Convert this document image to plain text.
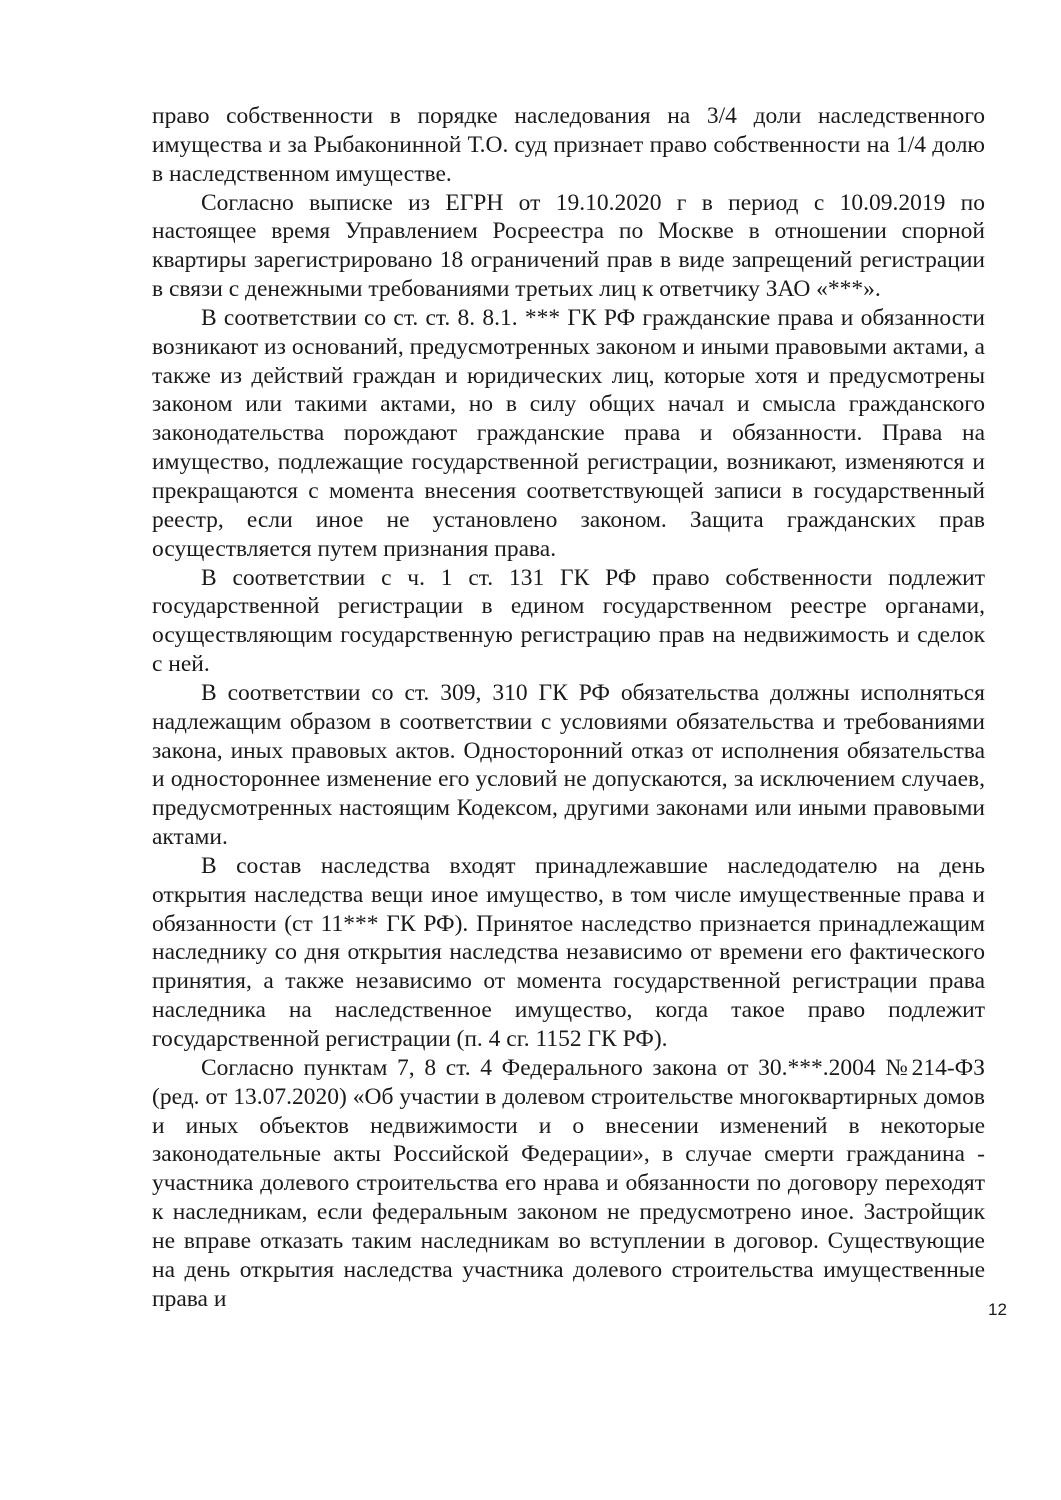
право собственности в порядке наследования на 3/4 доли наследственного имущества и за Рыбаконинной Т.О. суд признает право собственности на 1/4 долю в наследственном имуществе.

Согласно выписке из ЕГРН от 19.10.2020 г в период с 10.09.2019 по настоящее время Управлением Росреестра по Москве в отношении спорной квартиры зарегистрировано 18 ограничений прав в виде запрещений регистрации в связи с денежными требованиями третьих лиц к ответчику ЗАО «***».

В соответствии со ст. ст. 8. 8.1. *** ГК РФ гражданские права и обязанности возникают из оснований, предусмотренных законом и иными правовыми актами, а также из действий граждан и юридических лиц, которые хотя и предусмотрены законом или такими актами, но в силу общих начал и смысла гражданского законодательства порождают гражданские права и обязанности. Права на имущество, подлежащие государственной регистрации, возникают, изменяются и прекращаются с момента внесения соответствующей записи в государственный реестр, если иное не установлено законом. Защита гражданских прав осуществляется путем признания права.

В соответствии с ч. 1 ст. 131 ГК РФ право собственности подлежит государственной регистрации в едином государственном реестре органами, осуществляющим государственную регистрацию прав на недвижимость и сделок с ней.

В соответствии со ст. 309, 310 ГК РФ обязательства должны исполняться надлежащим образом в соответствии с условиями обязательства и требованиями закона, иных правовых актов. Односторонний отказ от исполнения обязательства и одностороннее изменение его условий не допускаются, за исключением случаев, предусмотренных настоящим Кодексом, другими законами или иными правовыми актами.

В состав наследства входят принадлежавшие наследодателю на день открытия наследства вещи иное имущество, в том числе имущественные права и обязанности (ст 11*** ГК РФ). Принятое наследство признается принадлежащим наследнику со дня открытия наследства независимо от времени его фактического принятия, а также независимо от момента государственной регистрации права наследника на наследственное имущество, когда такое право подлежит государственной регистрации (п. 4 сг. 1152 ГК РФ).

Согласно пунктам 7, 8 ст. 4 Федерального закона от 30.***.2004 №214-ФЗ (ред. от 13.07.2020) «Об участии в долевом строительстве многоквартирных домов и иных объектов недвижимости и о внесении изменений в некоторые законодательные акты Российской Федерации», в случае смерти гражданина - участника долевого строительства его нрава и обязанности по договору переходят к наследникам, если федеральным законом не предусмотрено иное. Застройщик не вправе отказать таким наследникам во вступлении в договор. Существующие на день открытия наследства участника долевого строительства имущественные права и	12
